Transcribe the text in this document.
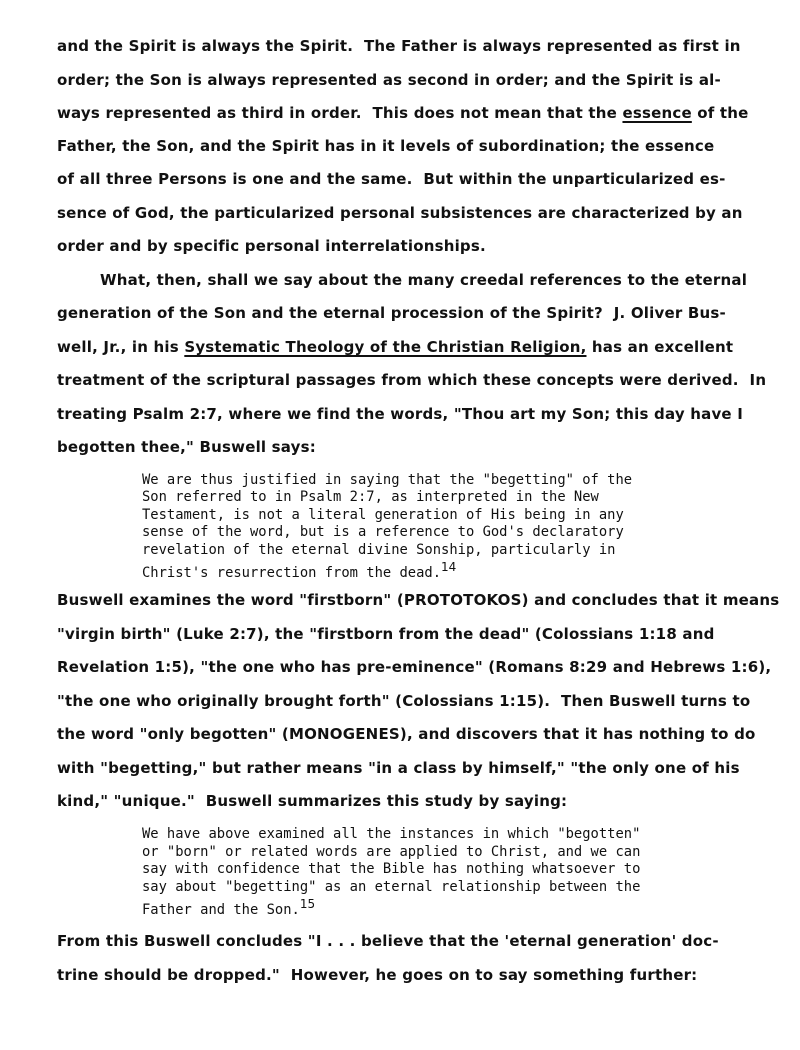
and the Spirit is always the Spirit.  The Father is always represented as first in
order; the Son is always represented as second in order; and the Spirit is al-
ways represented as third in order.  This does not mean that the essence of the
Father, the Son, and the Spirit has in it levels of subordination; the essence
of all three Persons is one and the same.  But within the unparticularized es-
sence of God, the particularized personal subsistences are characterized by an
order and by specific personal interrelationships.
What, then, shall we say about the many creedal references to the eternal
generation of the Son and the eternal procession of the Spirit?  J. Oliver Bus-
well, Jr., in his Systematic Theology of the Christian Religion, has an excellent
treatment of the scriptural passages from which these concepts were derived.  In
treating Psalm 2:7, where we find the words, "Thou art my Son; this day have I
begotten thee," Buswell says:
We are thus justified in saying that the "begetting" of the
Son referred to in Psalm 2:7, as interpreted in the New
Testament, is not a literal generation of His being in any
sense of the word, but is a reference to God's declaratory
revelation of the eternal divine Sonship, particularly in
Christ's resurrection from the dead.$^{14}$
Buswell examines the word "firstborn" (PROTOTOKOS) and concludes that it means
"virgin birth" (Luke 2:7), the "firstborn from the dead" (Colossians 1:18 and
Revelation 1:5), "the one who has pre-eminence" (Romans 8:29 and Hebrews 1:6),
"the one who originally brought forth" (Colossians 1:15).  Then Buswell turns to
the word "only begotten" (MONOGENES), and discovers that it has nothing to do
with "begetting," but rather means "in a class by himself," "the only one of his
kind," "unique."  Buswell summarizes this study by saying:
We have above examined all the instances in which "begotten"
or "born" or related words are applied to Christ, and we can
say with confidence that the Bible has nothing whatsoever to
say about "begetting" as an eternal relationship between the
Father and the Son.$^{15}$
From this Buswell concludes "I . . . believe that the 'eternal generation' doc-
trine should be dropped."  However, he goes on to say something further:
